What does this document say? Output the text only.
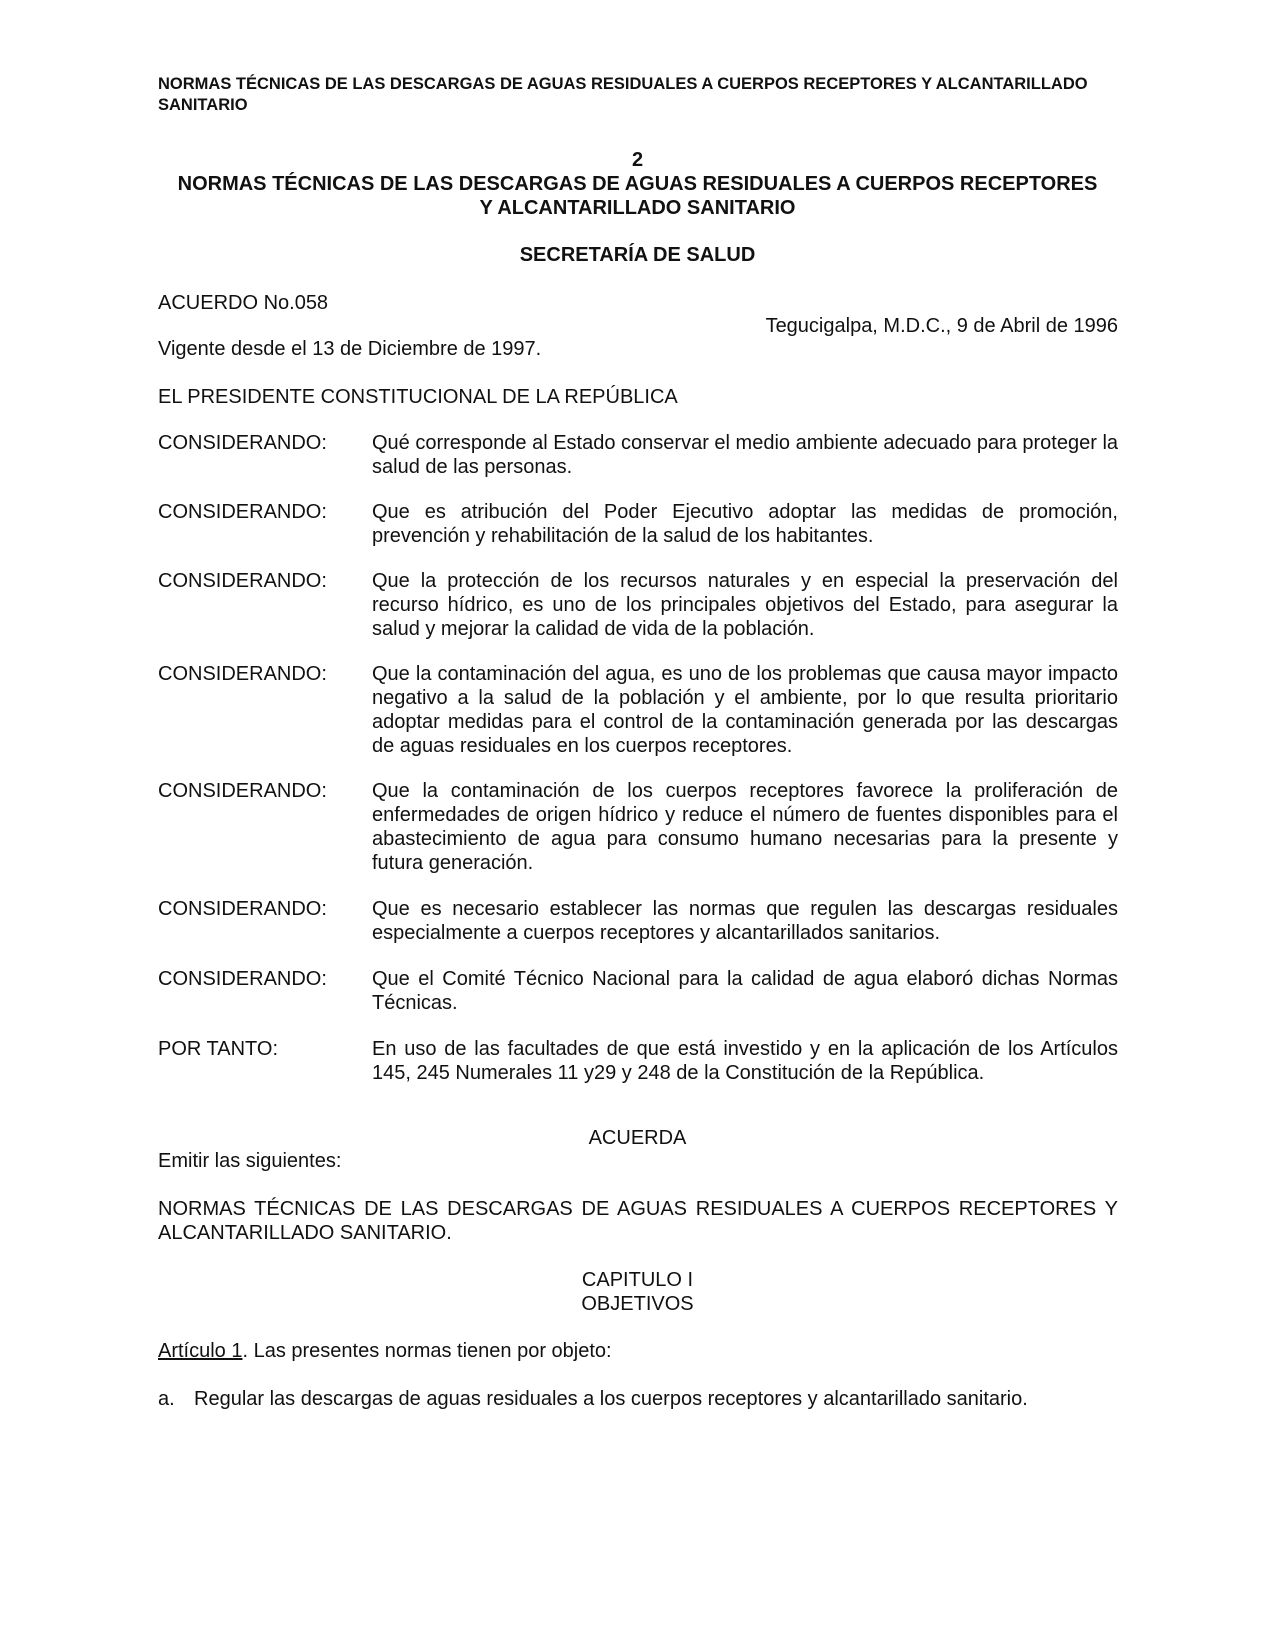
NORMAS TÉCNICAS DE LAS DESCARGAS DE AGUAS RESIDUALES A CUERPOS RECEPTORES Y ALCANTARILLADO SANITARIO
2
NORMAS TÉCNICAS DE LAS DESCARGAS DE AGUAS RESIDUALES A CUERPOS RECEPTORES
Y ALCANTARILLADO SANITARIO
SECRETARÍA DE SALUD
ACUERDO No.058
Tegucigalpa, M.D.C., 9 de Abril de 1996
Vigente desde el 13 de Diciembre de 1997.
EL PRESIDENTE CONSTITUCIONAL DE LA REPÚBLICA
CONSIDERANDO: Qué corresponde al Estado conservar el medio ambiente adecuado para proteger la salud de las personas.
CONSIDERANDO: Que es atribución del Poder Ejecutivo adoptar las medidas de promoción, prevención y rehabilitación de la salud de los habitantes.
CONSIDERANDO: Que la protección de los recursos naturales y en especial la preservación del recurso hídrico, es uno de los principales objetivos del Estado, para asegurar la salud y mejorar la calidad de vida de la población.
CONSIDERANDO: Que la contaminación del agua, es uno de los problemas que causa mayor impacto negativo a la salud de la población y el ambiente, por lo que resulta prioritario adoptar medidas para el control de la contaminación generada por las descargas de aguas residuales en los cuerpos receptores.
CONSIDERANDO: Que la contaminación de los cuerpos receptores favorece la proliferación de enfermedades de origen hídrico y reduce el número de fuentes disponibles para el abastecimiento de agua para consumo humano necesarias para la presente y futura generación.
CONSIDERANDO: Que es necesario establecer las normas que regulen las descargas residuales especialmente a cuerpos receptores y alcantarillados sanitarios.
CONSIDERANDO: Que el Comité Técnico Nacional para la calidad de agua elaboró dichas Normas Técnicas.
POR TANTO:	En uso de las facultades de que está investido y en la aplicación de los Artículos 145, 245 Numerales 11 y29 y 248 de la Constitución de la República.
ACUERDA
Emitir las siguientes:
NORMAS TÉCNICAS DE LAS DESCARGAS DE AGUAS RESIDUALES A CUERPOS RECEPTORES Y ALCANTARILLADO SANITARIO.
CAPITULO I
OBJETIVOS
Artículo 1. Las presentes normas tienen por objeto:
a. Regular las descargas de aguas residuales a los cuerpos receptores y alcantarillado sanitario.
